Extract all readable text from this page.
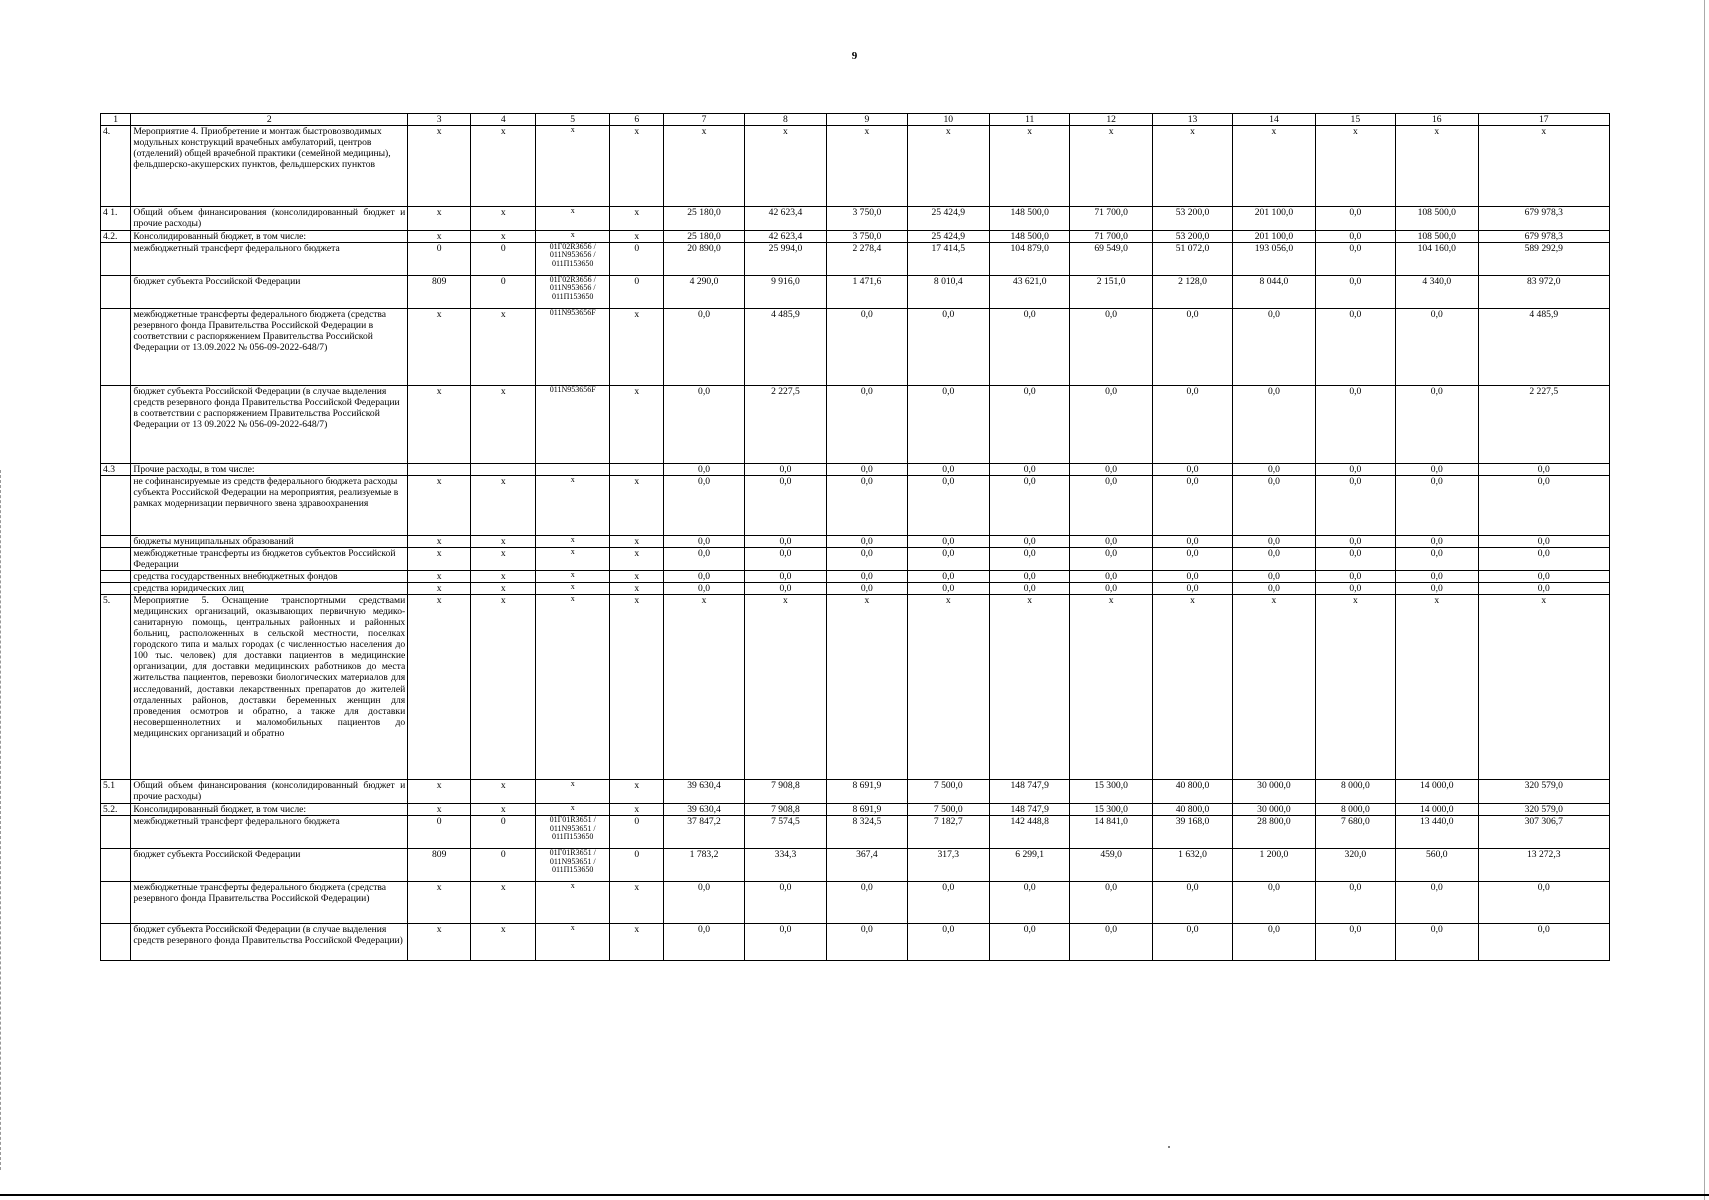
9
1	2	3	4	5	6	7	8	9	10	11	12	13	14	15	16	17
4.	Мероприятие 4. Приобретение и монтаж быстровозводимых модульных конструкций врачебных амбулаторий, центров (отделений) общей врачебной практики (семейной медицины), фельдшерско-акушерских пунктов, фельдшерских пунктов	x	x	x	x	x	x	x	x	x	x	x	x	x	x	x
4 1.	Общий объем финансирования (консолидированный бюджет и прочие расходы)	x	x	x	x	25 180,0	42 623,4	3 750,0	25 424,9	148 500,0	71 700,0	53 200,0	201 100,0	0,0	108 500,0	679 978,3
4.2.	Консолидированный бюджет, в том числе:	x	x	x	x	25 180,0	42 623,4	3 750,0	25 424,9	148 500,0	71 700,0	53 200,0	201 100,0	0,0	108 500,0	679 978,3
	межбюджетный трансферт федерального бюджета	0	0	01Г02R3656 / 011N953656 / 011П153650	0	20 890,0	25 994,0	2 278,4	17 414,5	104 879,0	69 549,0	51 072,0	193 056,0	0,0	104 160,0	589 292,9
	бюджет субъекта Российской Федерации	809	0	01Г02R3656 / 011N953656 / 011П153650	0	4 290,0	9 916,0	1 471,6	8 010,4	43 621,0	2 151,0	2 128,0	8 044,0	0,0	4 340,0	83 972,0
	межбюджетные трансферты федерального бюджета (средства резервного фонда Правительства Российской Федерации в соответствии с распоряжением Правительства Российской Федерации от 13.09.2022 № 056-09-2022-648/7)	x	x	011N953656F	x	0,0	4 485,9	0,0	0,0	0,0	0,0	0,0	0,0	0,0	0,0	4 485,9
	бюджет субъекта Российской Федерации (в случае выделения средств резервного фонда Правительства Российской Федерации в соответствии с распоряжением Правительства Российской Федерации от 13 09.2022 № 056-09-2022-648/7)	x	x	011N953656F	x	0,0	2 227,5	0,0	0,0	0,0	0,0	0,0	0,0	0,0	0,0	2 227,5
4.3	Прочие расходы, в том числе:					0,0	0,0	0,0	0,0	0,0	0,0	0,0	0,0	0,0	0,0	0,0
	не софинансируемые из средств федерального бюджета расходы субъекта Российской Федерации на мероприятия, реализуемые в рамках модернизации первичного звена здравоохранения	x	x	x	x	0,0	0,0	0,0	0,0	0,0	0,0	0,0	0,0	0,0	0,0	0,0
	бюджеты муниципальных образований	x	x	x	x	0,0	0,0	0,0	0,0	0,0	0,0	0,0	0,0	0,0	0,0	0,0
	межбюджетные трансферты из бюджетов субъектов Российской Федерации	x	x	x	x	0,0	0,0	0,0	0,0	0,0	0,0	0,0	0,0	0,0	0,0	0,0
	средства государственных внебюджетных фондов	x	x	x	x	0,0	0,0	0,0	0,0	0,0	0,0	0,0	0,0	0,0	0,0	0,0
	средства юридических лиц	x	x	x	x	0,0	0,0	0,0	0,0	0,0	0,0	0,0	0,0	0,0	0,0	0,0
5.	Мероприятие 5. Оснащение транспортными средствами медицинских организаций, оказывающих первичную медико-санитарную помощь, центральных районных и районных больниц, расположенных в сельской местности, поселках городского типа и малых городах (с численностью населения до 100 тыс. человек) для доставки пациентов в медицинские организации, для доставки медицинских работников до места жительства пациентов, перевозки биологических материалов для исследований, доставки лекарственных препаратов до жителей отдаленных районов, доставки беременных женщин для проведения осмотров и обратно, а также для доставки несовершеннолетних и маломобильных пациентов до медицинских организаций и обратно	x	x	x	x	x	x	x	x	x	x	x	x	x	x	x
5.1	Общий объем финансирования (консолидированный бюджет и прочие расходы)	x	x	x	x	39 630,4	7 908,8	8 691,9	7 500,0	148 747,9	15 300,0	40 800,0	30 000,0	8 000,0	14 000,0	320 579,0
5.2.	Консолидированный бюджет, в том числе:	x	x	x	x	39 630,4	7 908,8	8 691,9	7 500,0	148 747,9	15 300,0	40 800,0	30 000,0	8 000,0	14 000,0	320 579,0
	межбюджетный трансферт федерального бюджета	0	0	01Г01R3651 / 011N953651 / 011П153650	0	37 847,2	7 574,5	8 324,5	7 182,7	142 448,8	14 841,0	39 168,0	28 800,0	7 680,0	13 440,0	307 306,7
	бюджет субъекта Российской Федерации	809	0	01Г01R3651 / 011N953651 / 011П153650	0	1 783,2	334,3	367,4	317,3	6 299,1	459,0	1 632,0	1 200,0	320,0	560,0	13 272,3
	межбюджетные трансферты федерального бюджета (средства резервного фонда Правительства Российской Федерации)	x	x	x	x	0,0	0,0	0,0	0,0	0,0	0,0	0,0	0,0	0,0	0,0	0,0
	бюджет субъекта Российской Федерации (в случае выделения средств резервного фонда Правительства Российской Федерации)	x	x	x	x	0,0	0,0	0,0	0,0	0,0	0,0	0,0	0,0	0,0	0,0	0,0
